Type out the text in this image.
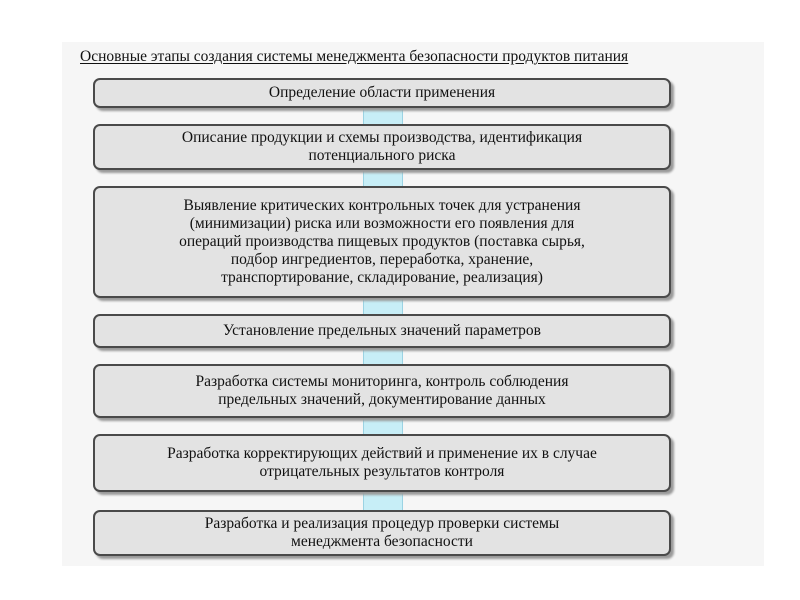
Основные этапы создания системы менеджмента безопасности продуктов питания
Определение области применения
Описание продукции и схемы производства, идентификация
потенциального риска
Выявление критических контрольных точек для устранения
(минимизации) риска или возможности его появления для
операций производства пищевых продуктов (поставка сырья,
подбор ингредиентов, переработка, хранение,
транспортирование, складирование, реализация)
Установление предельных значений параметров
Разработка системы мониторинга, контроль соблюдения
предельных значений, документирование данных
Разработка корректирующих действий и применение их в случае
отрицательных результатов контроля
Разработка и реализация процедур проверки системы
менеджмента безопасности
